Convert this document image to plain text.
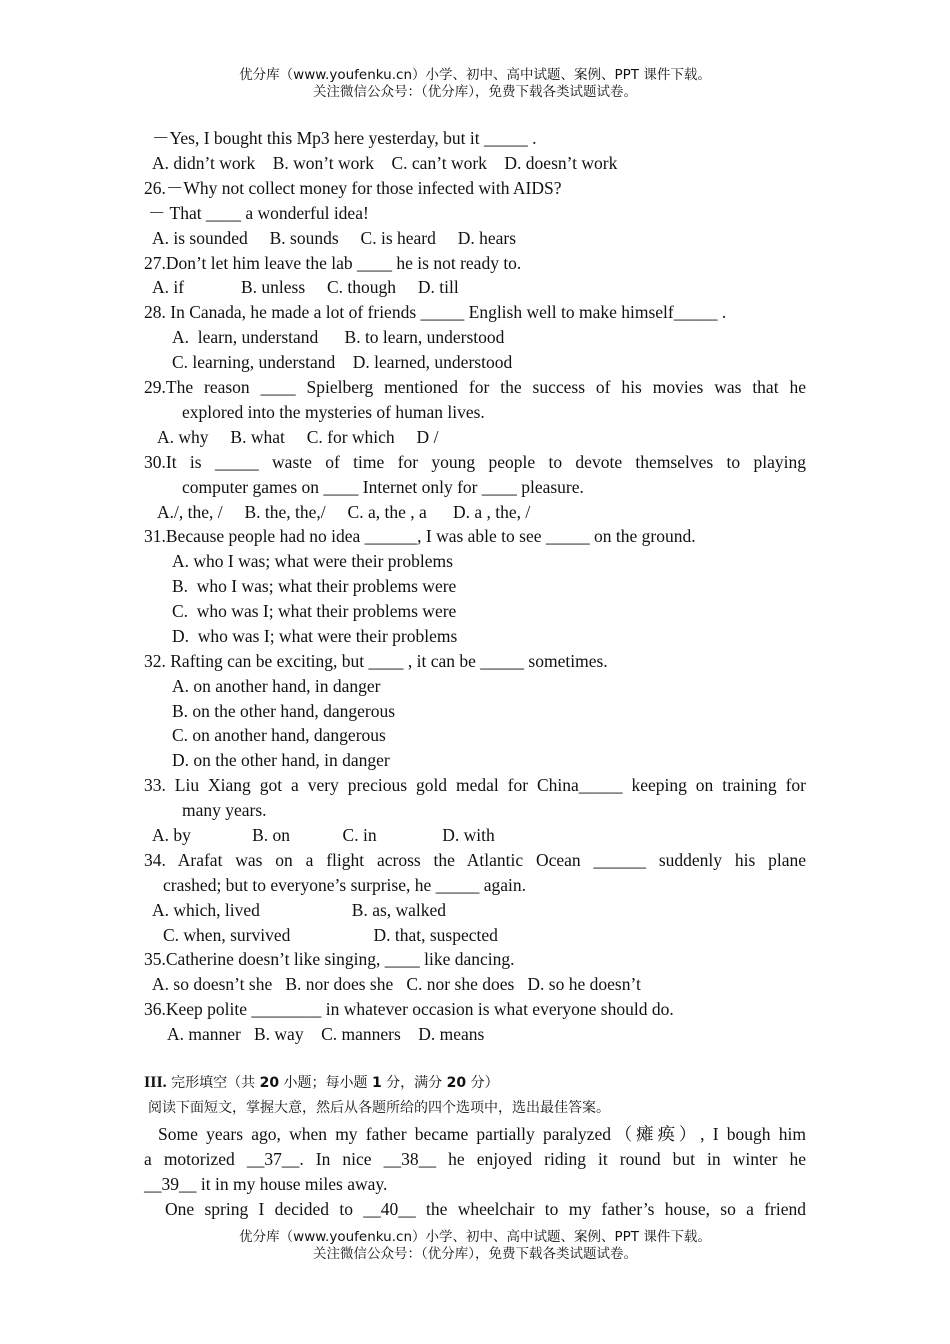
优分库（www.youfenku.cn）小学、初中、高中试题、案例、PPT 课件下载。
关注微信公众号：（优分库），免费下载各类试题试卷。
－Yes, I bought this Mp3 here yesterday, but it _____ .
A. didn’t work    B. won’t work    C. can’t work    D. doesn’t work
26.－Why not collect money for those infected with AIDS?
－ That ____ a wonderful idea!
A. is sounded     B. sounds     C. is heard     D. hears
27.Don’t let him leave the lab ____ he is not ready to.
A. if             B. unless     C. though     D. till
28. In Canada, he made a lot of friends _____ English well to make himself_____ .
A.  learn, understand      B. to learn, understood
C. learning, understand    D. learned, understood
29.The reason ____ Spielberg mentioned for the success of his movies was that he
explored into the mysteries of human lives.
A. why     B. what     C. for which     D /
30.It is _____ waste of time for young people to devote themselves to playing
computer games on ____ Internet only for ____ pleasure.
A./, the, /     B. the, the,/     C. a, the , a      D. a , the, /
31.Because people had no idea ______, I was able to see _____ on the ground.
A. who I was; what were their problems
B.  who I was; what their problems were
C.  who was I; what their problems were
D.  who was I; what were their problems
32. Rafting can be exciting, but ____ , it can be _____ sometimes.
A. on another hand, in danger
B. on the other hand, dangerous
C. on another hand, dangerous
D. on the other hand, in danger
33. Liu Xiang got a very precious gold medal for China_____ keeping on training for
many years.
A. by              B. on            C. in               D. with
34. Arafat was on a flight across the Atlantic Ocean ______ suddenly his plane
crashed; but to everyone’s surprise, he _____ again.
A. which, lived                     B. as, walked
C. when, survived                   D. that, suspected
35.Catherine doesn’t like singing, ____ like dancing.
A. so doesn’t she   B. nor does she   C. nor she does   D. so he doesn’t
36.Keep polite ________ in whatever occasion is what everyone should do.
A. manner   B. way    C. manners    D. means
III. 完形填空（共 20 小题；每小题 1 分，满分 20 分）
阅读下面短文，掌握大意，然后从各题所给的四个选项中，选出最佳答案。
Some years ago, when my father became partially paralyzed（瘫痪）, I bough him
a motorized __37__. In nice __38__ he enjoyed riding it round but in winter he
__39__ it in my house miles away.
One spring I decided to __40__ the wheelchair to my father’s house, so a friend
优分库（www.youfenku.cn）小学、初中、高中试题、案例、PPT 课件下载。
关注微信公众号：（优分库），免费下载各类试题试卷。
